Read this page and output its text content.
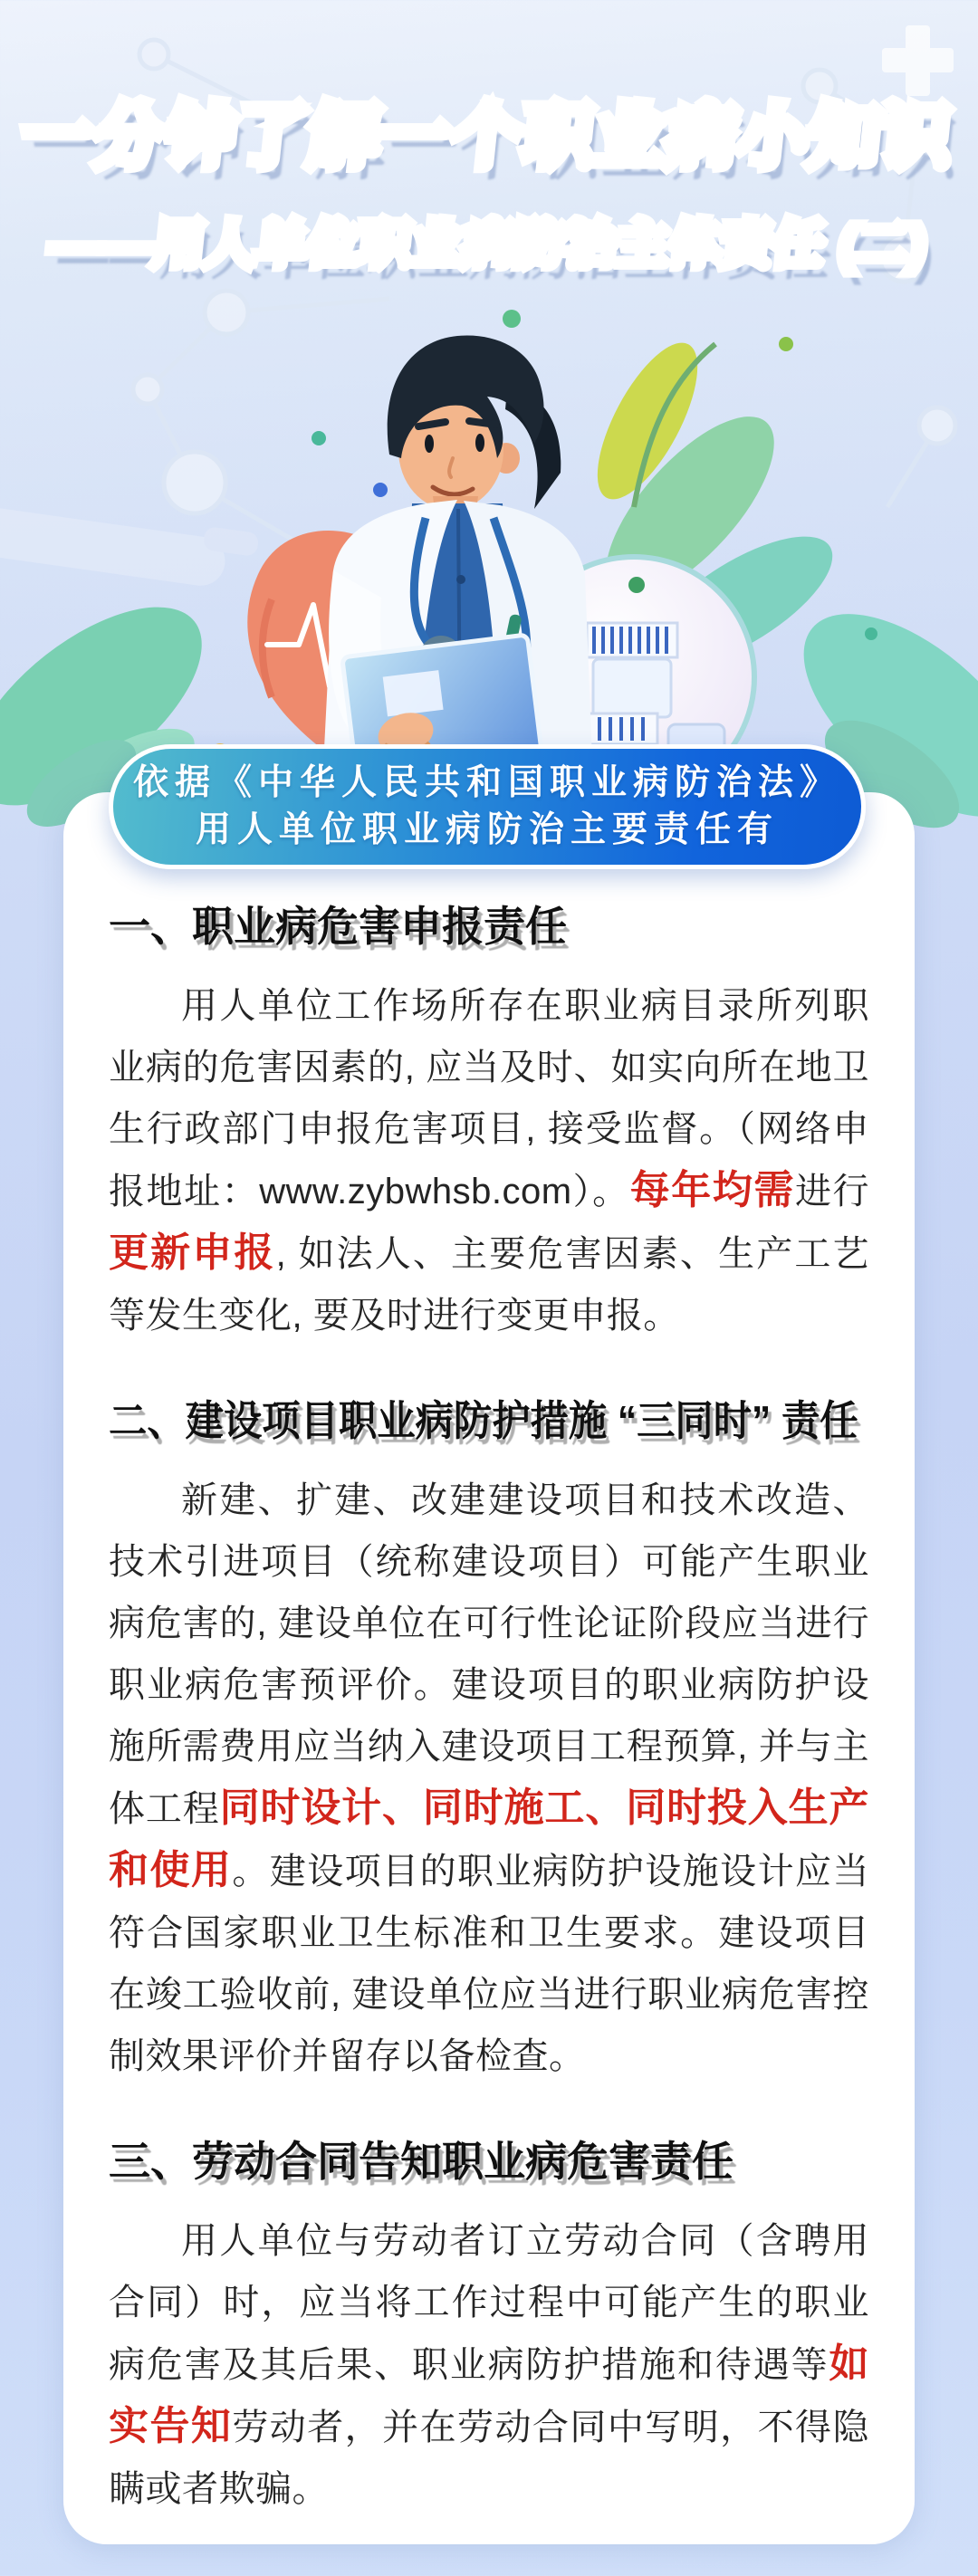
一分钟了解一个职业病小知识 一分钟了解一个职业病小知识
——用人单位职业病防治主体责任 (二) ——用人单位职业病防治主体责任 (二)
依据《中华人民共和国职业病防治法》
用人单位职业病防治主要责任有
一、职业病危害申报责任

用人单位工作场所存在职业病目录所列职业病的危害因素的, 应当及时、如实向所在地卫生行政部门申报危害项目, 接受监督。（网络申报地址：www.zybwhsb.com）。每年均需进行更新申报, 如法人、主要危害因素、生产工艺等发生变化, 要及时进行变更申报。

二、建设项目职业病防护措施 “三同时” 责任

新建、扩建、改建建设项目和技术改造、技术引进项目（统称建设项目）可能产生职业病危害的, 建设单位在可行性论证阶段应当进行职业病危害预评价。建设项目的职业病防护设施所需费用应当纳入建设项目工程预算, 并与主体工程同时设计、同时施工、同时投入生产和使用。建设项目的职业病防护设施设计应当符合国家职业卫生标准和卫生要求。建设项目在竣工验收前, 建设单位应当进行职业病危害控制效果评价并留存以备检查。

三、劳动合同告知职业病危害责任

用人单位与劳动者订立劳动合同（含聘用合同）时，应当将工作过程中可能产生的职业病危害及其后果、职业病防护措施和待遇等如实告知劳动者，并在劳动合同中写明，不得隐瞒或者欺骗。
